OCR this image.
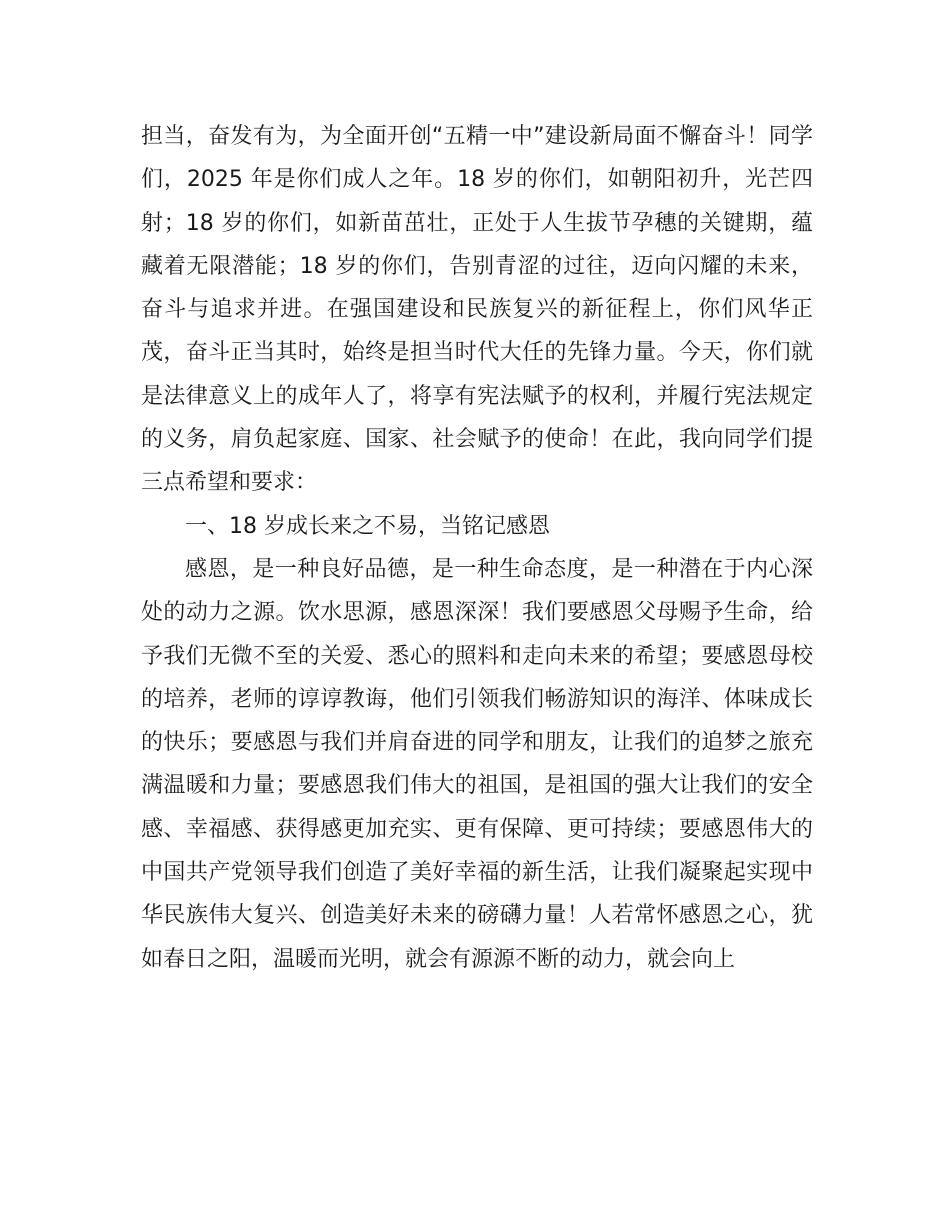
担当，奋发有为，为全面开创“五精一中”建设新局面不懈奋斗！同学们，2025 年是你们成人之年。18 岁的你们，如朝阳初升，光芒四射；18 岁的你们，如新苗茁壮，正处于人生拔节孕穗的关键期，蕴藏着无限潜能；18 岁的你们，告别青涩的过往，迈向闪耀的未来，奋斗与追求并进。在强国建设和民族复兴的新征程上，你们风华正茂，奋斗正当其时，始终是担当时代大任的先锋力量。今天，你们就是法律意义上的成年人了，将享有宪法赋予的权利，并履行宪法规定的义务，肩负起家庭、国家、社会赋予的使命！在此，我向同学们提三点希望和要求：

一、18 岁成长来之不易，当铭记感恩

感恩，是一种良好品德，是一种生命态度，是一种潜在于内心深处的动力之源。饮水思源，感恩深深！我们要感恩父母赐予生命，给予我们无微不至的关爱、悉心的照料和走向未来的希望；要感恩母校的培养，老师的谆谆教诲，他们引领我们畅游知识的海洋、体味成长的快乐；要感恩与我们并肩奋进的同学和朋友，让我们的追梦之旅充满温暖和力量；要感恩我们伟大的祖国，是祖国的强大让我们的安全感、幸福感、获得感更加充实、更有保障、更可持续；要感恩伟大的中国共产党领导我们创造了美好幸福的新生活，让我们凝聚起实现中华民族伟大复兴、创造美好未来的磅礴力量！人若常怀感恩之心，犹如春日之阳，温暖而光明，就会有源源不断的动力，就会向上
